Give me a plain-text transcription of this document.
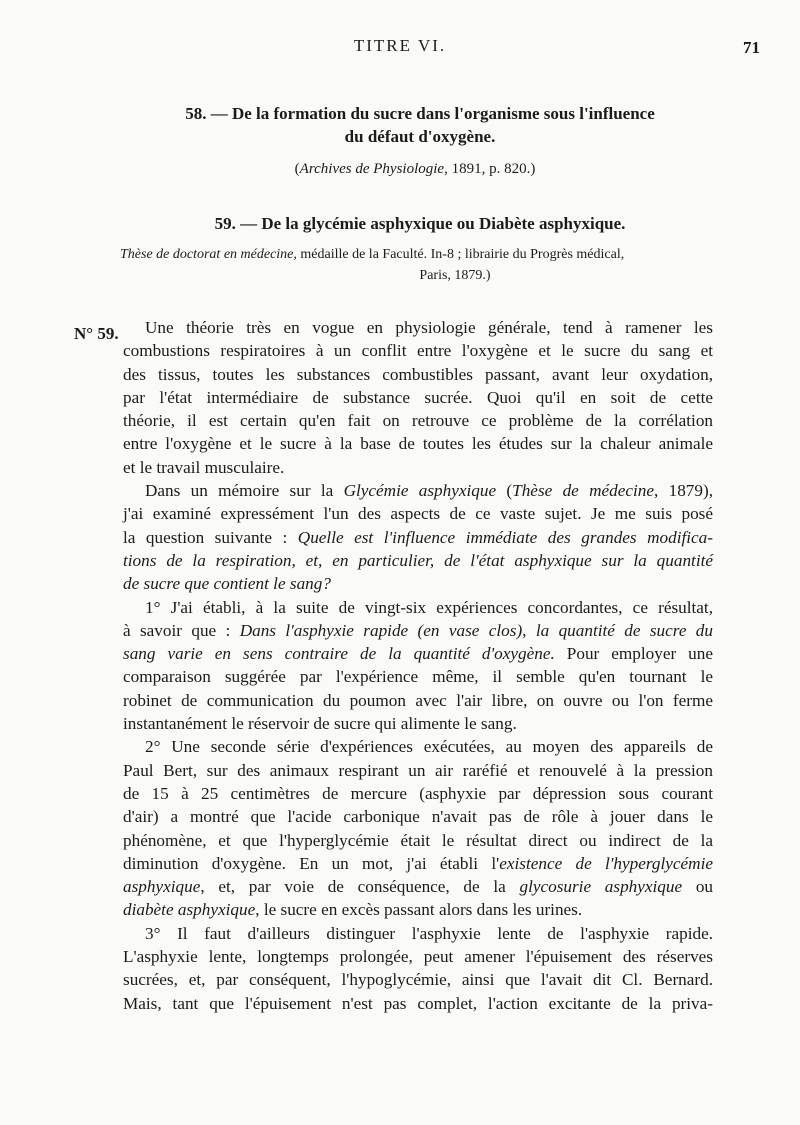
TITRE VI.	71
58. — De la formation du sucre dans l'organisme sous l'influence
du défaut d'oxygène.
(Archives de Physiologie, 1891, p. 820.)
59. — De la glycémie asphyxique ou Diabète asphyxique.
Thèse de doctorat en médecine, médaille de la Faculté. In-8 ; librairie du Progrès médical,
Paris, 1879.)
N° 59.	Une théorie très en vogue en physiologie générale, tend à ramener les
combustions respiratoires à un conflit entre l'oxygène et le sucre du sang et
des tissus, toutes les substances combustibles passant, avant leur oxydation,
par l'état intermédiaire de substance sucrée. Quoi qu'il en soit de cette
théorie, il est certain qu'en fait on retrouve ce problème de la corrélation
entre l'oxygène et le sucre à la base de toutes les études sur la chaleur animale
et le travail musculaire.
Dans un mémoire sur la Glycémie asphyxique (Thèse de médecine, 1879),
j'ai examiné expressément l'un des aspects de ce vaste sujet. Je me suis posé
la question suivante : Quelle est l'influence immédiate des grandes modifica-
tions de la respiration, et, en particulier, de l'état asphyxique sur la quantité
de sucre que contient le sang?
1° J'ai établi, à la suite de vingt-six expériences concordantes, ce résultat,
à savoir que : Dans l'asphyxie rapide (en vase clos), la quantité de sucre du
sang varie en sens contraire de la quantité d'oxygène. Pour employer une
comparaison suggérée par l'expérience même, il semble qu'en tournant le
robinet de communication du poumon avec l'air libre, on ouvre ou l'on ferme
instantanément le réservoir de sucre qui alimente le sang.
2° Une seconde série d'expériences exécutées, au moyen des appareils de
Paul Bert, sur des animaux respirant un air raréfié et renouvelé à la pression
de 15 à 25 centimètres de mercure (asphyxie par dépression sous courant
d'air) a montré que l'acide carbonique n'avait pas de rôle à jouer dans le
phénomène, et que l'hyperglycémie était le résultat direct ou indirect de la
diminution d'oxygène. En un mot, j'ai établi l'existence de l'hyperglycémie
asphyxique, et, par voie de conséquence, de la glycosurie asphyxique ou
diabète asphyxique, le sucre en excès passant alors dans les urines.
3° Il faut d'ailleurs distinguer l'asphyxie lente de l'asphyxie rapide.
L'asphyxie lente, longtemps prolongée, peut amener l'épuisement des réserves
sucrées, et, par conséquent, l'hypoglycémie, ainsi que l'avait dit Cl. Bernard.
Mais, tant que l'épuisement n'est pas complet, l'action excitante de la priva-
